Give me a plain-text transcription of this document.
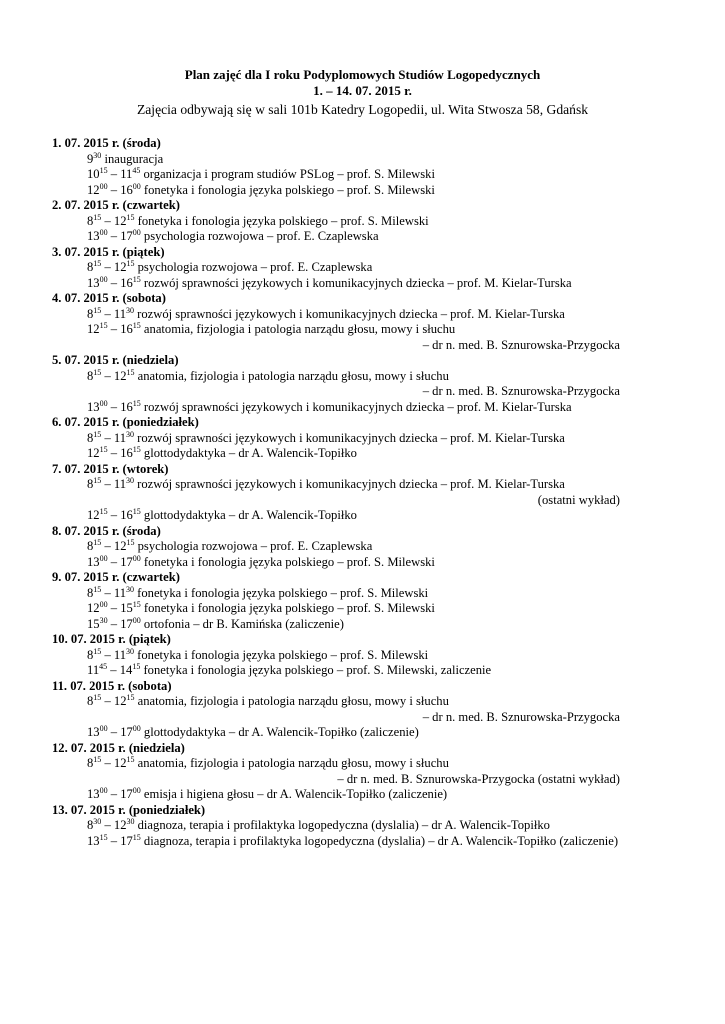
Plan zajęć dla I roku Podyplomowych Studiów Logopedycznych
1. – 14. 07. 2015 r.
Zajęcia odbywają się w sali 101b Katedry Logopedii, ul. Wita Stwosza 58, Gdańsk
1. 07. 2015 r. (środa)
$9^{30}$ inauguracja
$10^{15} - 11^{45}$ organizacja i program studiów PSLog – prof. S. Milewski
$12^{00} - 16^{00}$ fonetyka i fonologia języka polskiego – prof. S. Milewski
2. 07. 2015 r. (czwartek)
$8^{15} - 12^{15}$ fonetyka i fonologia języka polskiego – prof. S. Milewski
$13^{00} - 17^{00}$ psychologia rozwojowa – prof. E. Czaplewska
3. 07. 2015 r. (piątek)
$8^{15} - 12^{15}$ psychologia rozwojowa – prof. E. Czaplewska
$13^{00} - 16^{15}$ rozwój sprawności językowych i komunikacyjnych dziecka – prof. M. Kielar-Turska
4. 07. 2015 r. (sobota)
$8^{15} - 11^{30}$ rozwój sprawności językowych i komunikacyjnych dziecka – prof. M. Kielar-Turska
$12^{15} - 16^{15}$ anatomia, fizjologia i patologia narządu głosu, mowy i słuchu
– dr n. med. B. Sznurowska-Przygocka
5. 07. 2015 r. (niedziela)
$8^{15} - 12^{15}$ anatomia, fizjologia i patologia narządu głosu, mowy i słuchu
– dr n. med. B. Sznurowska-Przygocka
$13^{00} - 16^{15}$ rozwój sprawności językowych i komunikacyjnych dziecka – prof. M. Kielar-Turska
6. 07. 2015 r. (poniedziałek)
$8^{15} - 11^{30}$ rozwój sprawności językowych i komunikacyjnych dziecka – prof. M. Kielar-Turska
$12^{15} - 16^{15}$ glottodydaktyka – dr A. Walencik-Topiłko
7. 07. 2015 r. (wtorek)
$8^{15} - 11^{30}$ rozwój sprawności językowych i komunikacyjnych dziecka – prof. M. Kielar-Turska
(ostatni wykład)
$12^{15} - 16^{15}$ glottodydaktyka – dr A. Walencik-Topiłko
8. 07. 2015 r. (środa)
$8^{15} - 12^{15}$ psychologia rozwojowa – prof. E. Czaplewska
$13^{00} - 17^{00}$ fonetyka i fonologia języka polskiego – prof. S. Milewski
9. 07. 2015 r. (czwartek)
$8^{15} - 11^{30}$ fonetyka i fonologia języka polskiego – prof. S. Milewski
$12^{00} - 15^{15}$ fonetyka i fonologia języka polskiego – prof. S. Milewski
$15^{30} - 17^{00}$ ortofonia – dr B. Kamińska (zaliczenie)
10. 07. 2015 r. (piątek)
$8^{15} - 11^{30}$ fonetyka i fonologia języka polskiego – prof. S. Milewski
$11^{45} - 14^{15}$ fonetyka i fonologia języka polskiego – prof. S. Milewski, zaliczenie
11. 07. 2015 r. (sobota)
$8^{15} - 12^{15}$ anatomia, fizjologia i patologia narządu głosu, mowy i słuchu
– dr n. med. B. Sznurowska-Przygocka
$13^{00} - 17^{00}$ glottodydaktyka – dr A. Walencik-Topiłko (zaliczenie)
12. 07. 2015 r. (niedziela)
$8^{15} - 12^{15}$ anatomia, fizjologia i patologia narządu głosu, mowy i słuchu
– dr n. med. B. Sznurowska-Przygocka (ostatni wykład)
$13^{00} - 17^{00}$ emisja i higiena głosu – dr A. Walencik-Topiłko (zaliczenie)
13. 07. 2015 r. (poniedziałek)
$8^{30} - 12^{30}$ diagnoza, terapia i profilaktyka logopedyczna (dyslalia) – dr A. Walencik-Topiłko
$13^{15} - 17^{15}$ diagnoza, terapia i profilaktyka logopedyczna (dyslalia) – dr A. Walencik-Topiłko (zaliczenie)
